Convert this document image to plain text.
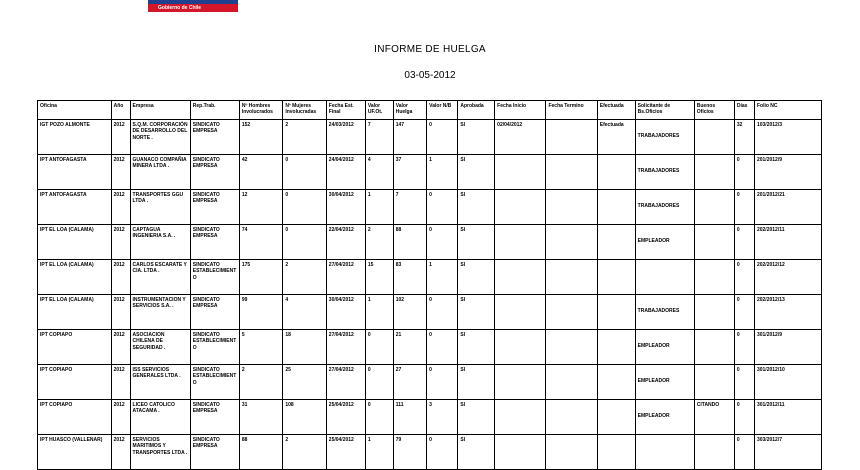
Gobierno de Chile
INFORME DE HUELGA
03-05-2012
Oficina	Año	Empresa	Rep.Trab.	Nº Hombres Involucrados	Nº Mujeres Involucradas	Fecha Est. Final	Valor UF.Ot.	Valor Huelga	Valor N/B	Aprobada	Fecha Inicio	Fecha Termino	Efectuada	Solicitante de Bs.Oficios	Buenos Oficios	Días	Folio NC
IGT POZO ALMONTE	2012	S.Q.M. CORPORACIÓN DE DESARROLLO DEL NORTE .	SINDICATO EMPRESA	152	2	24/03/2012	7	147	0	SI	02/04/2012		Efectuada	TRABAJADORES		32	103/2012/3
IPT ANTOFAGASTA	2012	GUANACO COMPAÑIA MINERA LTDA .	SINDICATO EMPRESA	42	0	24/04/2012	4	37	1	SI				TRABAJADORES		0	201/2012/9
IPT ANTOFAGASTA	2012	TRANSPORTES GGU LTDA .	SINDICATO EMPRESA	12	0	30/04/2012	1	7	0	SI				TRABAJADORES		0	201/2012/21
IPT EL LOA (CALAMA)	2012	CAPTAGUA INGENIERIA S.A. .	SINDICATO EMPRESA	74	0	22/04/2012	2	88	0	SI				EMPLEADOR		0	202/2012/11
IPT EL LOA (CALAMA)	2012	CARLOS ESCARATE Y CIA. LTDA .	SINDICATO ESTABLECIMIENTO	175	2	27/04/2012	15	83	1	SI						0	202/2012/12
IPT EL LOA (CALAMA)	2012	INSTRUMENTACION Y SERVICIOS S.A. .	SINDICATO EMPRESA	99	4	30/04/2012	1	102	0	SI				TRABAJADORES		0	202/2012/13
IPT COPIAPO	2012	ASOCIACION CHILENA DE SEGURIDAD .	SINDICATO ESTABLECIMIENTO	5	18	27/04/2012	0	21	0	SI				EMPLEADOR		0	301/2012/9
IPT COPIAPO	2012	ISS SERVICIOS GENERALES LTDA .	SINDICATO ESTABLECIMIENTO	2	25	27/04/2012	0	27	0	SI				EMPLEADOR		0	301/2012/10
IPT COPIAPO	2012	LICEO CATOLICO ATACAMA .	SINDICATO EMPRESA	31	108	25/04/2012	0	111	3	SI				EMPLEADOR	CITANDO	0	301/2012/11
IPT HUASCO (VALLENAR)	2012	SERVICIOS MARITIMOS Y TRANSPORTES LTDA .	SINDICATO EMPRESA	88	2	25/04/2012	1	79	0	SI						0	303/2012/7
